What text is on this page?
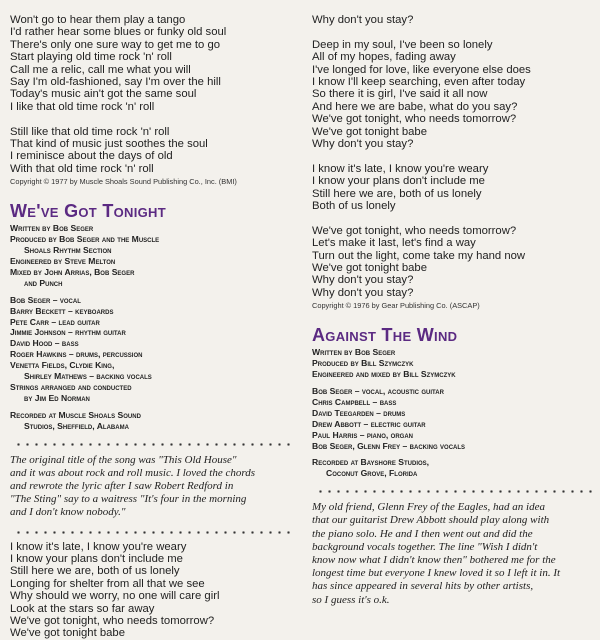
Won't go to hear them play a tango
I'd rather hear some blues or funky old soul
There's only one sure way to get me to go
Start playing old time rock 'n' roll
Call me a relic, call me what you will
Say I'm old-fashioned, say I'm over the hill
Today's music ain't got the same soul
I like that old time rock 'n' roll
Still like that old time rock 'n' roll
That kind of music just soothes the soul
I reminisce about the days of old
With that old time rock 'n' roll
Copyright © 1977 by Muscle Shoals Sound Publishing Co., Inc. (BMI)
We've Got Tonight
Written by Bob Seger
Produced by Bob Seger and the Muscle
Shoals Rhythm Section
Engineered by Steve Melton
Mixed by John Arrias, Bob Seger
and Punch
Bob Seger – vocal
Barry Beckett – keyboards
Pete Carr – lead guitar
Jimmie Johnson – rhythm guitar
David Hood – bass
Roger Hawkins – drums, percussion
Venetta Fields, Clydie King,
Shirley Mathews – backing vocals
Strings arranged and conducted
by Jim Ed Norman
Recorded at Muscle Shoals Sound
Studios, Sheffield, Alabama
The original title of the song was "This Old House"
and it was about rock and roll music. I loved the chords
and rewrote the lyric after I saw Robert Redford in
"The Sting" say to a waitress "It's four in the morning
and I don't know nobody."
I know it's late, I know you're weary
I know your plans don't include me
Still here we are, both of us lonely
Longing for shelter from all that we see
Why should we worry, no one will care girl
Look at the stars so far away
We've got tonight, who needs tomorrow?
We've got tonight babe
Why don't you stay?
Deep in my soul, I've been so lonely
All of my hopes, fading away
I've longed for love, like everyone else does
I know I'll keep searching, even after today
So there it is girl, I've said it all now
And here we are babe, what do you say?
We've got tonight, who needs tomorrow?
We've got tonight babe
Why don't you stay?
I know it's late, I know you're weary
I know your plans don't include me
Still here we are, both of us lonely
Both of us lonely
We've got tonight, who needs tomorrow?
Let's make it last, let's find a way
Turn out the light, come take my hand now
We've got tonight babe
Why don't you stay?
Why don't you stay?
Copyright © 1976 by Gear Publishing Co. (ASCAP)
Against The Wind
Written by Bob Seger
Produced by Bill Szymczyk
Engineered and mixed by Bill Szymczyk
Bob Seger – vocal, acoustic guitar
Chris Campbell – bass
David Teegarden – drums
Drew Abbott – electric guitar
Paul Harris – piano, organ
Bob Seger, Glenn Frey – backing vocals
Recorded at Bayshore Studios,
Coconut Grove, Florida
My old friend, Glenn Frey of the Eagles, had an idea
that our guitarist Drew Abbott should play along with
the piano solo. He and I then went out and did the
background vocals together. The line "Wish I didn't
know now what I didn't know then" bothered me for the
longest time but everyone I knew loved it so I left it in. It
has since appeared in several hits by other artists,
so I guess it's o.k.
